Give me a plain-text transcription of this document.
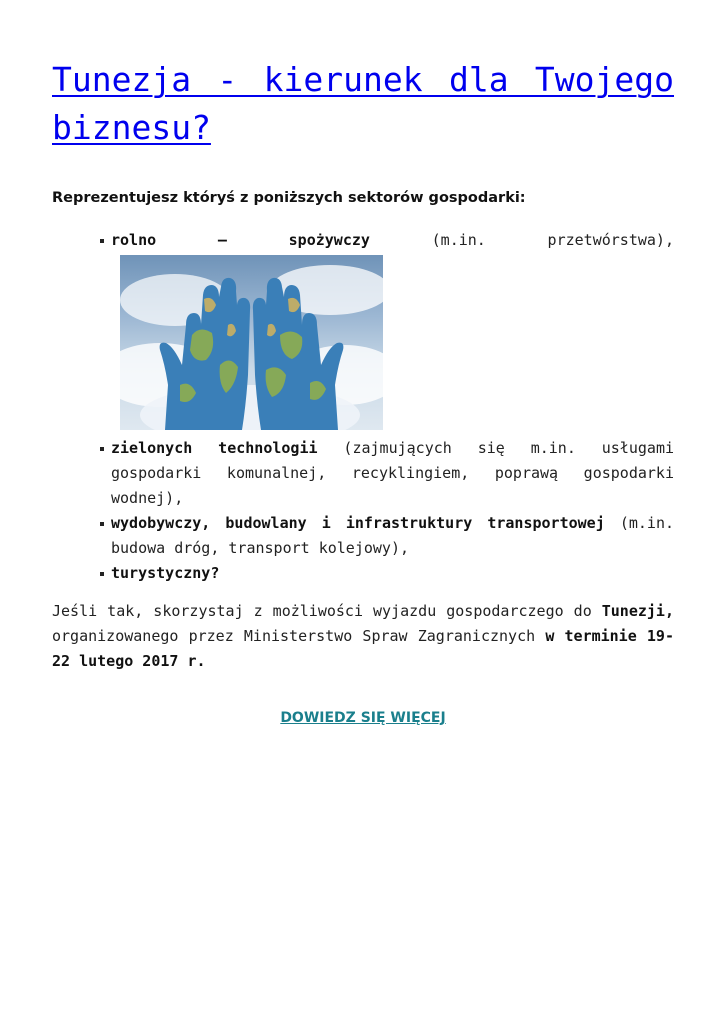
Tunezja - kierunek dla Twojego biznesu?

Reprezentujesz któryś z poniższych sektorów gospodarki:

rolno – spożywczy (m.in. przetwórstwa),
zielonych technologii (zajmujących się m.in. usługami gospodarki komunalnej, recyklingiem, poprawą gospodarki wodnej),
wydobywczy, budowlany i infrastruktury transportowej (m.in. budowa dróg, transport kolejowy),
turystyczny?

Jeśli tak, skorzystaj z możliwości wyjazdu gospodarczego do Tunezji, organizowanego przez Ministerstwo Spraw Zagranicznych w terminie 19-22 lutego 2017 r.

DOWIEDZ SIĘ WIĘCEJ
